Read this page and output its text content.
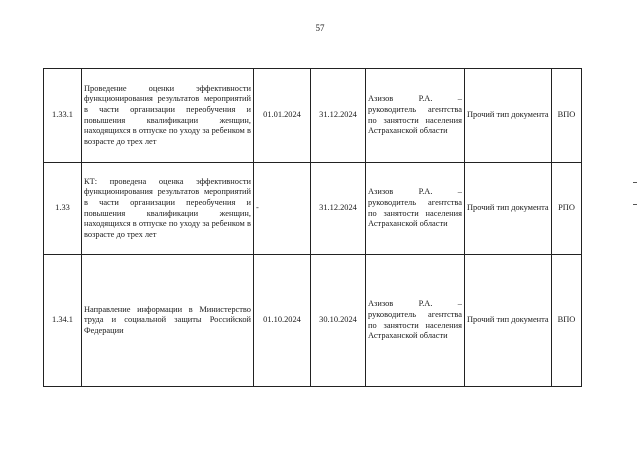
57
1.33.1	Проведение оценки эффективности функционирования результатов мероприятий в части организации переобучения и повышения квалификации женщин, находящихся в отпуске по уходу за ребенком в возрасте до трех лет	01.01.2024	31.12.2024	Азизов Р.А. – руководитель агентства по занятости населения Астраханской области	Прочий тип документа	ВПО
1.33	КТ: проведена оценка эффективности функционирования результатов мероприятий в части организации переобучения и повышения квалификации женщин, находящихся в отпуске по уходу за ребенком в возрасте до трех лет	-	31.12.2024	Азизов Р.А. – руководитель агентства по занятости населения Астраханской области	Прочий тип документа	РПО
1.34.1	Направление информации в Министерство труда и социальной защиты Российской Федерации	01.10.2024	30.10.2024	Азизов Р.А. – руководитель агентства по занятости населения Астраханской области	Прочий тип документа	ВПО
